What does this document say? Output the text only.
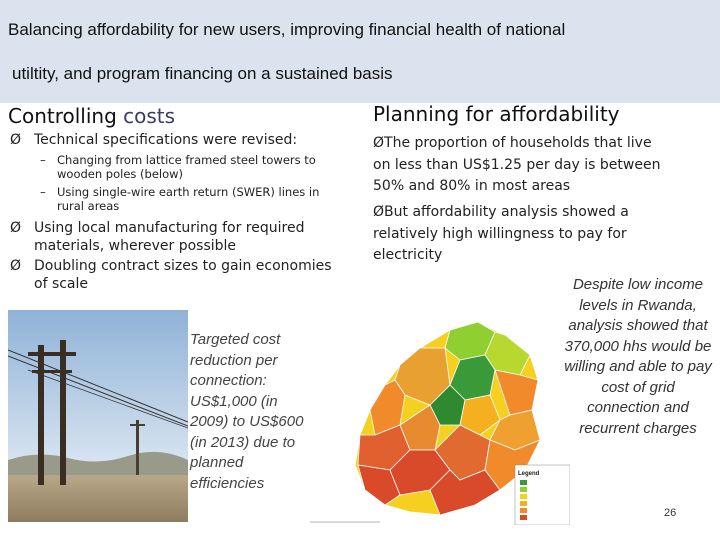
Balancing affordability for new users, improving financial health of national
utiltity, and program financing on a sustained basis
Controlling costs
Ø Technical specifications were revised:
– Changing from lattice framed steel towers to wooden poles (below)
– Using single-wire earth return (SWER) lines in rural areas
Ø Using local manufacturing for required materials, wherever possible
Ø Doubling contract sizes to gain economies of scale
Targeted cost reduction per connection: US$1,000 (in 2009) to US$600 (in 2013) due to planned efficiencies
Planning for affordability
ØThe proportion of households that live on less than US$1.25 per day is between 50% and 80% in most areas
ØBut affordability analysis showed a relatively high willingness to pay for electricity
Legend
Despite low income levels in Rwanda, analysis showed that 370,000 hhs would be willing and able to pay cost of grid connection and recurrent charges
26
